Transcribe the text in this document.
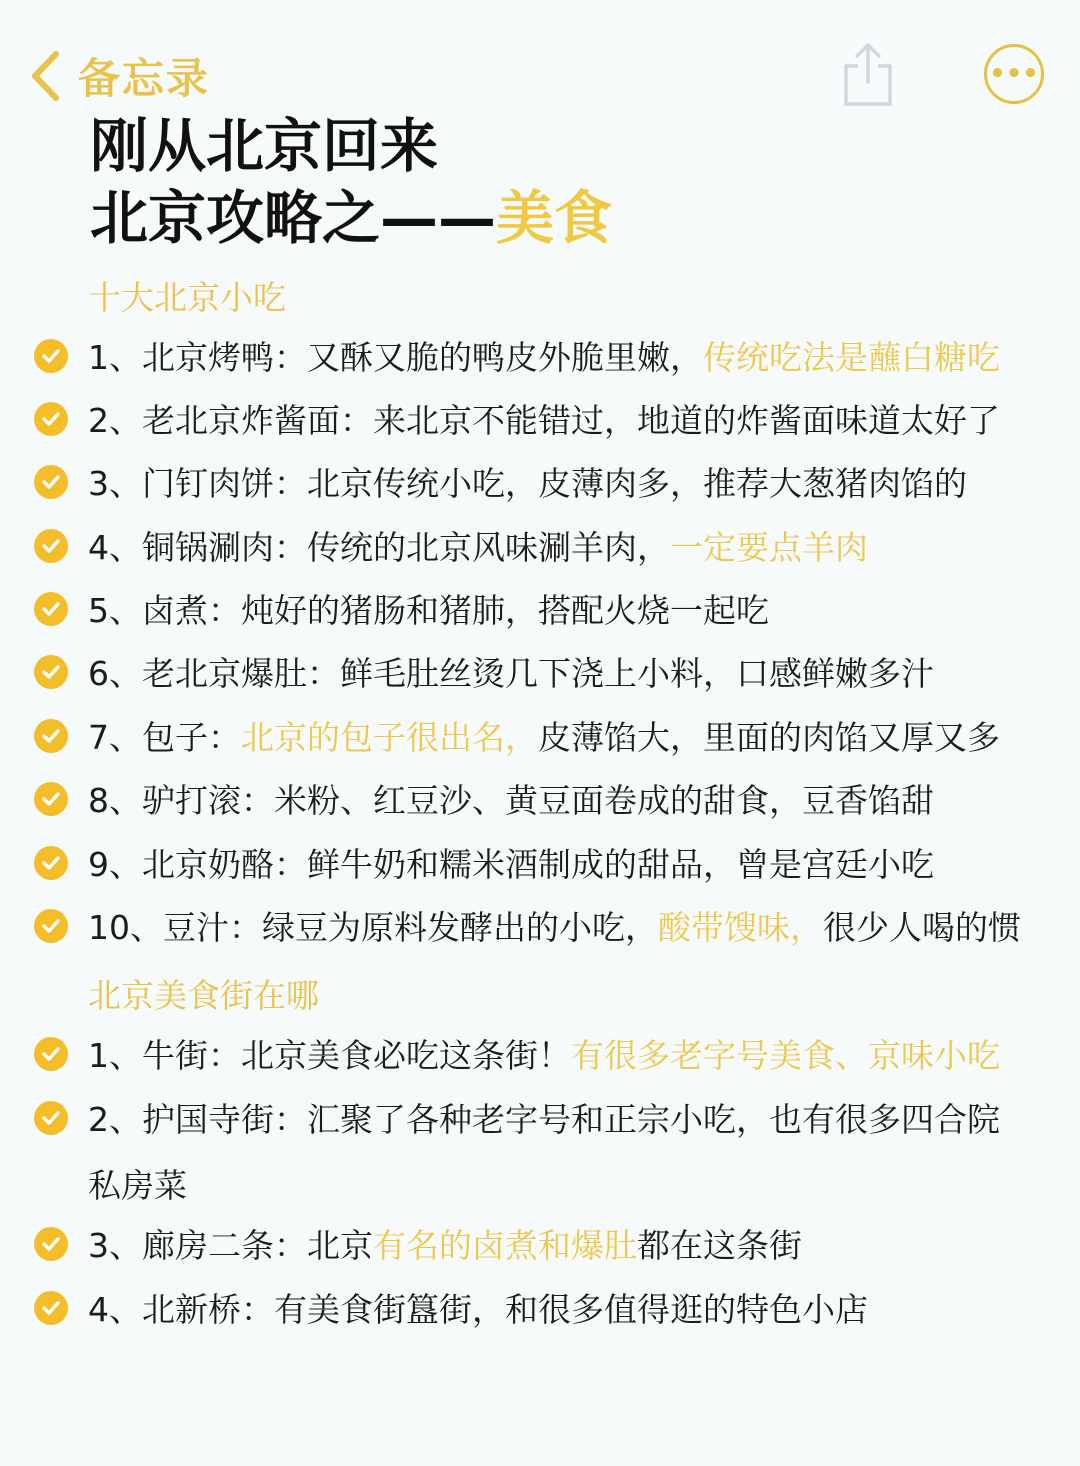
备忘录	•••
刚从北京回来
北京攻略之——美食
十大北京小吃
1、北京烤鸭：又酥又脆的鸭皮外脆里嫩，传统吃法是蘸白糖吃
2、老北京炸酱面：来北京不能错过，地道的炸酱面味道太好了
3、门钉肉饼：北京传统小吃，皮薄肉多，推荐大葱猪肉馅的
4、铜锅涮肉：传统的北京风味涮羊肉，一定要点羊肉
5、卤煮：炖好的猪肠和猪肺，搭配火烧一起吃
6、老北京爆肚：鲜毛肚丝烫几下浇上小料，口感鲜嫩多汁
7、包子：北京的包子很出名，皮薄馅大，里面的肉馅又厚又多
8、驴打滚：米粉、红豆沙、黄豆面卷成的甜食，豆香馅甜
9、北京奶酪：鲜牛奶和糯米酒制成的甜品，曾是宫廷小吃
10、豆汁：绿豆为原料发酵出的小吃，酸带馊味，很少人喝的惯
北京美食街在哪
1、牛街：北京美食必吃这条街！有很多老字号美食、京味小吃
2、护国寺街：汇聚了各种老字号和正宗小吃，也有很多四合院
私房菜
3、廊房二条：北京有名的卤煮和爆肚都在这条街
4、北新桥：有美食街簋街，和很多值得逛的特色小店
